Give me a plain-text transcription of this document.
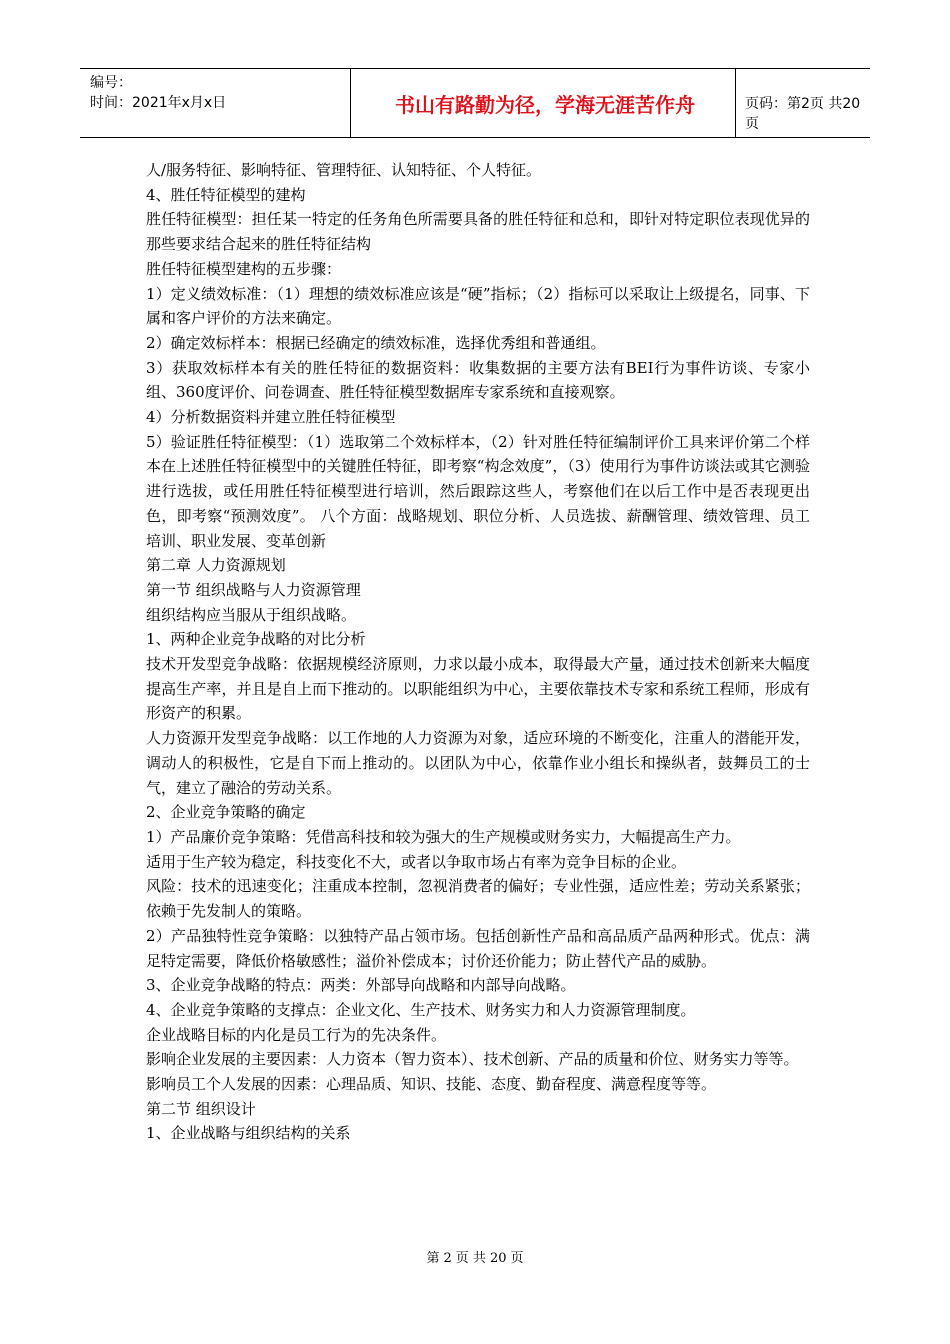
编号：
时间：2021年x月x日	书山有路勤为径，学海无涯苦作舟	页码：第2页 共20页

人/服务特征、影响特征、管理特征、认知特征、个人特征。

4、胜任特征模型的建构

胜任特征模型：担任某一特定的任务角色所需要具备的胜任特征和总和，即针对特定职位表现优异的那些要求结合起来的胜任特征结构

胜任特征模型建构的五步骤：

1）定义绩效标准：（1）理想的绩效标准应该是“硬”指标；（2）指标可以采取让上级提名，同事、下属和客户评价的方法来确定。

2）确定效标样本：根据已经确定的绩效标准，选择优秀组和普通组。

3）获取效标样本有关的胜任特征的数据资料：收集数据的主要方法有BEI行为事件访谈、专家小组、360度评价、问卷调查、胜任特征模型数据库专家系统和直接观察。

4）分析数据资料并建立胜任特征模型

5）验证胜任特征模型：（1）选取第二个效标样本，（2）针对胜任特征编制评价工具来评价第二个样本在上述胜任特征模型中的关键胜任特征，即考察“构念效度”，（3）使用行为事件访谈法或其它测验进行选拔，或任用胜任特征模型进行培训，然后跟踪这些人，考察他们在以后工作中是否表现更出色，即考察“预测效度”。 八个方面：战略规划、职位分析、人员选拔、薪酬管理、绩效管理、员工培训、职业发展、变革创新

第二章 人力资源规划

第一节 组织战略与人力资源管理

组织结构应当服从于组织战略。

1、两种企业竞争战略的对比分析

技术开发型竞争战略：依据规模经济原则，力求以最小成本，取得最大产量，通过技术创新来大幅度提高生产率，并且是自上而下推动的。以职能组织为中心，主要依靠技术专家和系统工程师，形成有形资产的积累。

人力资源开发型竞争战略：以工作地的人力资源为对象，适应环境的不断变化，注重人的潜能开发，调动人的积极性，它是自下而上推动的。以团队为中心，依靠作业小组长和操纵者，鼓舞员工的士气，建立了融洽的劳动关系。

2、企业竞争策略的确定

1）产品廉价竞争策略：凭借高科技和较为强大的生产规模或财务实力，大幅提高生产力。

适用于生产较为稳定，科技变化不大，或者以争取市场占有率为竞争目标的企业。

风险：技术的迅速变化；注重成本控制，忽视消费者的偏好；专业性强，适应性差；劳动关系紧张；依赖于先发制人的策略。

2）产品独特性竞争策略：以独特产品占领市场。包括创新性产品和高品质产品两种形式。优点：满足特定需要，降低价格敏感性；溢价补偿成本；讨价还价能力；防止替代产品的威胁。

3、企业竞争战略的特点：两类：外部导向战略和内部导向战略。

4、企业竞争策略的支撑点：企业文化、生产技术、财务实力和人力资源管理制度。

企业战略目标的内化是员工行为的先决条件。

影响企业发展的主要因素：人力资本（智力资本）、技术创新、产品的质量和价位、财务实力等等。

影响员工个人发展的因素：心理品质、知识、技能、态度、勤奋程度、满意程度等等。

第二节 组织设计

1、企业战略与组织结构的关系

第 2 页 共 20 页
